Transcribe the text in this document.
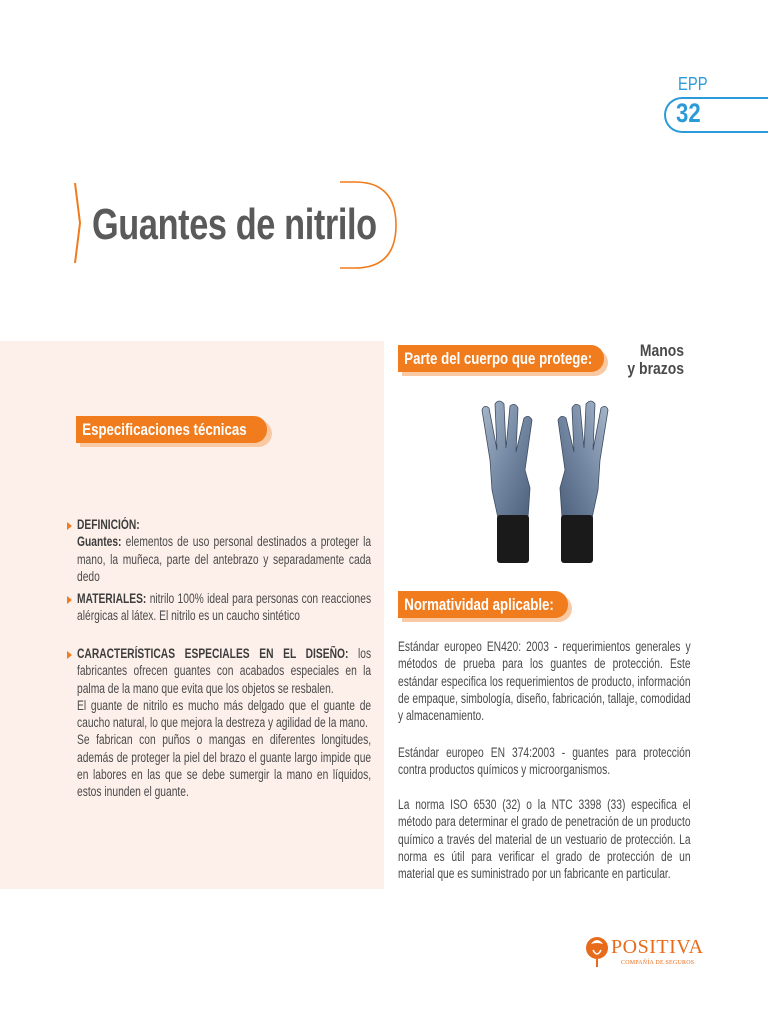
EPP
32
Guantes de nitrilo
Especificaciones técnicas
DEFINICIÓN:
Guantes: elementos de uso personal destinados a proteger la mano, la muñeca, parte del antebrazo y separadamente cada dedo
MATERIALES: nitrilo 100% ideal para personas con reacciones alérgicas al látex. El nitrilo es un caucho sintético
CARACTERÍSTICAS ESPECIALES EN EL DISEÑO: los fabricantes ofrecen guantes con acabados especiales en la palma de la mano que evita que los objetos se resbalen.
El guante de nitrilo es mucho más delgado que el guante de caucho natural, lo que mejora la destreza y agilidad de la mano.
Se fabrican con puños o mangas en diferentes longitudes, además de proteger la piel del brazo el guante largo impide que en labores en las que se debe sumergir la mano en líquidos, estos inunden el guante.
Parte del cuerpo que protege:	Manos
y brazos
Normatividad aplicable:
Estándar europeo EN420: 2003 - requerimientos generales y métodos de prueba para los guantes de protección. Este estándar especifica los requerimientos de producto, información de empaque, simbología, diseño, fabricación, tallaje, comodidad y almacenamiento.
Estándar europeo EN 374:2003 - guantes para protección contra productos químicos y microorganismos.
La norma ISO 6530 (32) o la NTC 3398 (33) especifica el método para determinar el grado de penetración de un producto químico a través del material de un vestuario de protección. La norma es útil para verificar el grado de protección de un material que es suministrado por un fabricante en particular.
POSITIVA
COMPAÑÍA DE SEGUROS
